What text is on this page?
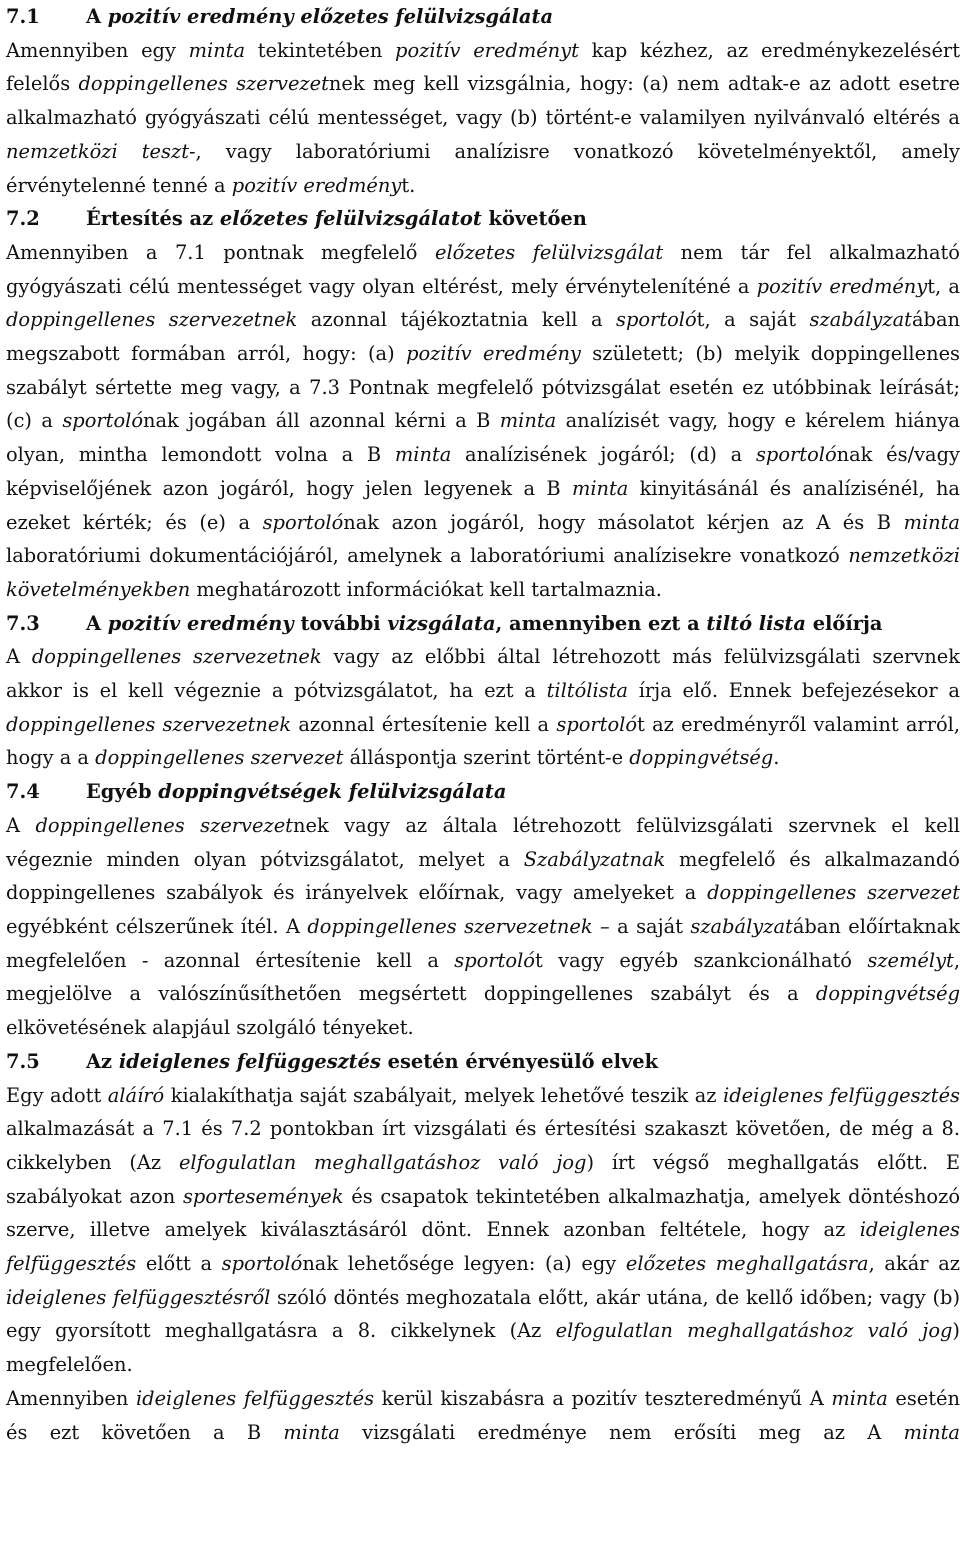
7.1 A pozitív eredmény előzetes felülvizsgálata

Amennyiben egy minta tekintetében pozitív eredményt kap kézhez, az eredménykezelésért felelős doppingellenes szervezetnek meg kell vizsgálnia, hogy: (a) nem adtak-e az adott esetre alkalmazható gyógyászati célú mentességet, vagy (b) történt-e valamilyen nyilvánvaló eltérés a nemzetközi teszt-, vagy laboratóriumi analízisre vonatkozó követelményektől, amely érvénytelenné tenné a pozitív eredményt.

7.2 Értesítés az előzetes felülvizsgálatot követően

Amennyiben a 7.1 pontnak megfelelő előzetes felülvizsgálat nem tár fel alkalmazható gyógyászati célú mentességet vagy olyan eltérést, mely érvényteleníténé a pozitív eredményt, a doppingellenes szervezetnek azonnal tájékoztatnia kell a sportolót, a saját szabályzatában megszabott formában arról, hogy: (a) pozitív eredmény született; (b) melyik doppingellenes szabályt sértette meg vagy, a 7.3 Pontnak megfelelő pótvizsgálat esetén ez utóbbinak leírását; (c) a sportolónak jogában áll azonnal kérni a B minta analízisét vagy, hogy e kérelem hiánya olyan, mintha lemondott volna a B minta analízisének jogáról; (d) a sportolónak és/vagy képviselőjének azon jogáról, hogy jelen legyenek a B minta kinyitásánál és analízisénél, ha ezeket kérték; és (e) a sportolónak azon jogáról, hogy másolatot kérjen az A és B minta laboratóriumi dokumentációjáról, amelynek a laboratóriumi analízisekre vonatkozó nemzetközi követelményekben meghatározott információkat kell tartalmaznia.

7.3 A pozitív eredmény további vizsgálata, amennyiben ezt a tiltó lista előírja

A doppingellenes szervezetnek vagy az előbbi által létrehozott más felülvizsgálati szervnek akkor is el kell végeznie a pótvizsgálatot, ha ezt a tiltólista írja elő. Ennek befejezésekor a doppingellenes szervezetnek azonnal értesítenie kell a sportolót az eredményről valamint arról, hogy a a doppingellenes szervezet álláspontja szerint történt-e doppingvétség.

7.4 Egyéb doppingvétségek felülvizsgálata

A doppingellenes szervezetnek vagy az általa létrehozott felülvizsgálati szervnek el kell végeznie minden olyan pótvizsgálatot, melyet a Szabályzatnak megfelelő és alkalmazandó doppingellenes szabályok és irányelvek előírnak, vagy amelyeket a doppingellenes szervezet egyébként célszerűnek ítél. A doppingellenes szervezetnek – a saját szabályzatában előírtaknak megfelelően - azonnal értesítenie kell a sportolót vagy egyéb szankcionálható személyt, megjelölve a valószínűsíthetően megsértett doppingellenes szabályt és a doppingvétség elkövetésének alapjául szolgáló tényeket.

7.5 Az ideiglenes felfüggesztés esetén érvényesülő elvek

Egy adott aláíró kialakíthatja saját szabályait, melyek lehetővé teszik az ideiglenes felfüggesztés alkalmazását a 7.1 és 7.2 pontokban írt vizsgálati és értesítési szakaszt követően, de még a 8. cikkelyben (Az elfogulatlan meghallgatáshoz való jog) írt végső meghallgatás előtt. E szabályokat azon sportesemények és csapatok tekintetében alkalmazhatja, amelyek döntéshozó szerve, illetve amelyek kiválasztásáról dönt. Ennek azonban feltétele, hogy az ideiglenes felfüggesztés előtt a sportolónak lehetősége legyen: (a) egy előzetes meghallgatásra, akár az ideiglenes felfüggesztésről szóló döntés meghozatala előtt, akár utána, de kellő időben; vagy (b) egy gyorsított meghallgatásra a 8. cikkelynek (Az elfogulatlan meghallgatáshoz való jog) megfelelően.

Amennyiben ideiglenes felfüggesztés kerül kiszabásra a pozitív teszteredményű A minta esetén és ezt követően a B minta vizsgálati eredménye nem erősíti meg az A minta
